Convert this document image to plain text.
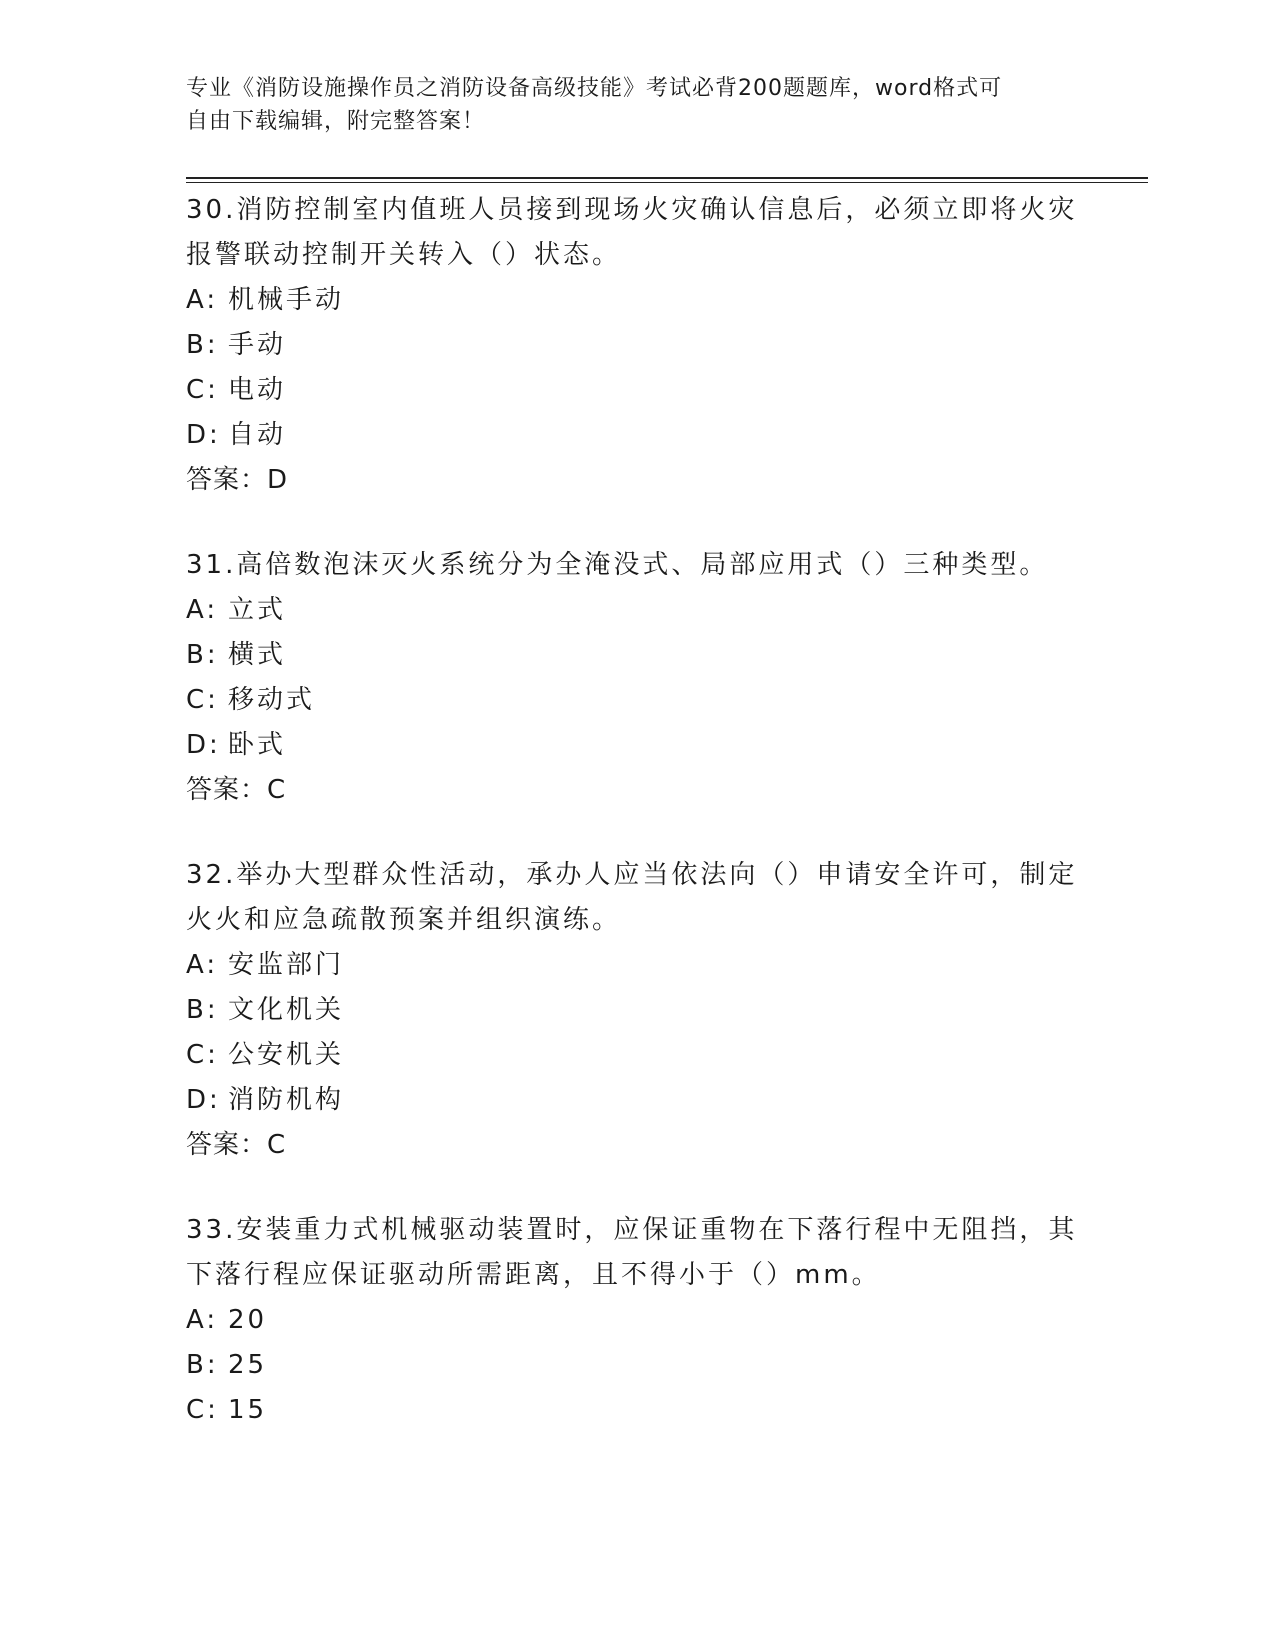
专业《消防设施操作员之消防设备高级技能》考试必背200题题库，word格式可
自由下载编辑，附完整答案！

30.消防控制室内值班人员接到现场火灾确认信息后，必须立即将火灾
报警联动控制开关转入（）状态。

A: 机械手动

B: 手动

C: 电动

D: 自动

答案：D

31.高倍数泡沫灭火系统分为全淹没式、局部应用式（）三种类型。

A: 立式

B: 横式

C: 移动式

D: 卧式

答案：C

32.举办大型群众性活动，承办人应当依法向（）申请安全许可，制定
火火和应急疏散预案并组织演练。

A: 安监部门

B: 文化机关

C: 公安机关

D: 消防机构

答案：C

33.安装重力式机械驱动装置时，应保证重物在下落行程中无阻挡，其
下落行程应保证驱动所需距离，且不得小于（）mm。

A: 20

B: 25

C: 15
